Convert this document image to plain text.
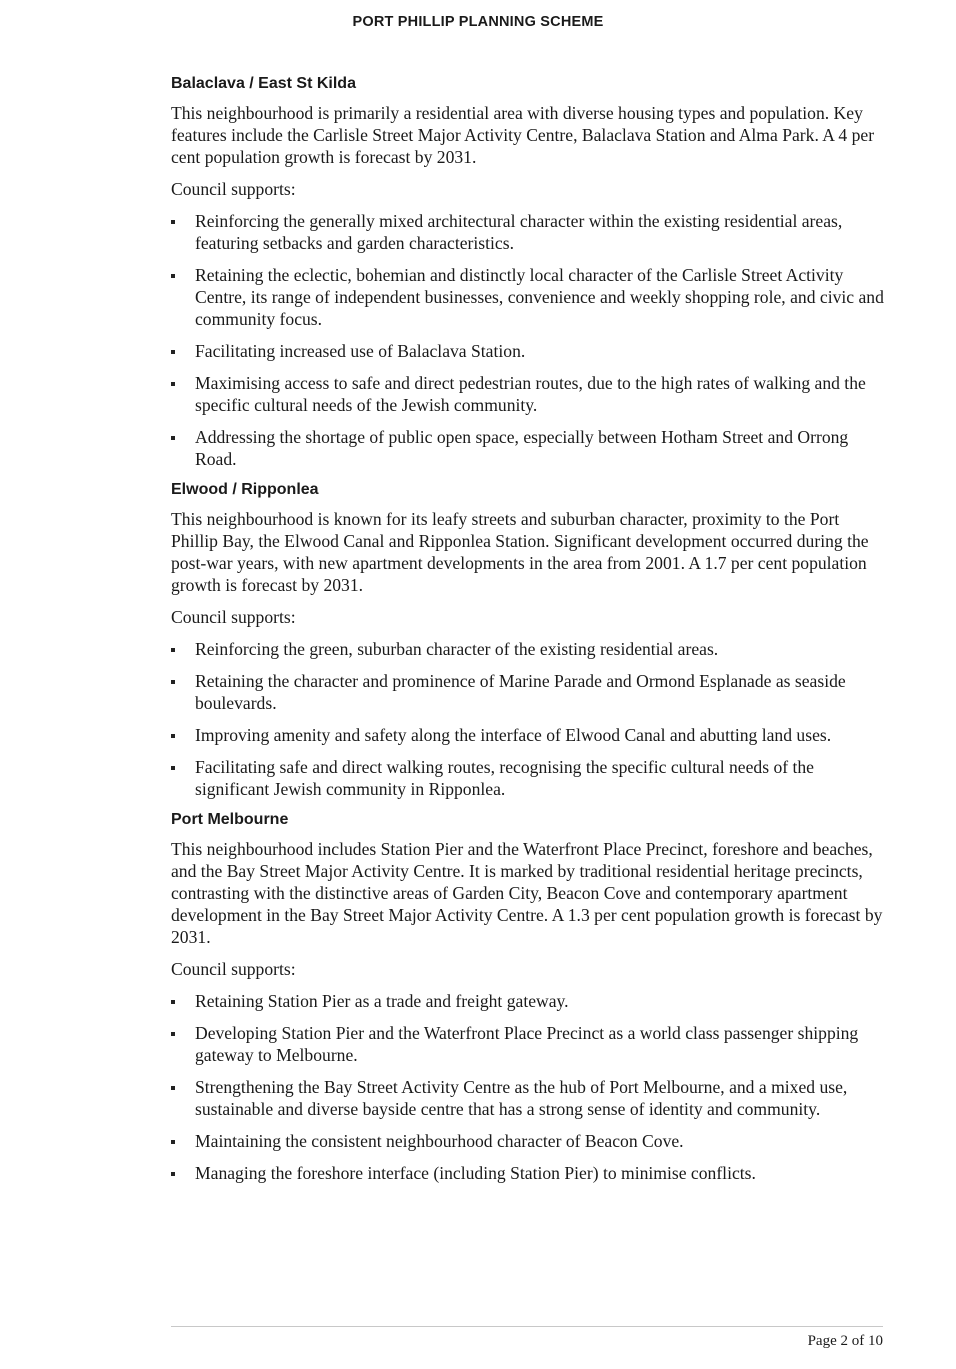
PORT PHILLIP PLANNING SCHEME
Balaclava / East St Kilda

This neighbourhood is primarily a residential area with diverse housing types and population. Key features include the Carlisle Street Major Activity Centre, Balaclava Station and Alma Park. A 4 per cent population growth is forecast by 2031.

Council supports:

Reinforcing the generally mixed architectural character within the existing residential areas, featuring setbacks and garden characteristics.
Retaining the eclectic, bohemian and distinctly local character of the Carlisle Street Activity Centre, its range of independent businesses, convenience and weekly shopping role, and civic and community focus.
Facilitating increased use of Balaclava Station.
Maximising access to safe and direct pedestrian routes, due to the high rates of walking and the specific cultural needs of the Jewish community.
Addressing the shortage of public open space, especially between Hotham Street and Orrong Road.
Elwood / Ripponlea

This neighbourhood is known for its leafy streets and suburban character, proximity to the Port Phillip Bay, the Elwood Canal and Ripponlea Station. Significant development occurred during the post-war years, with new apartment developments in the area from 2001. A 1.7 per cent population growth is forecast by 2031.

Council supports:

Reinforcing the green, suburban character of the existing residential areas.
Retaining the character and prominence of Marine Parade and Ormond Esplanade as seaside boulevards.
Improving amenity and safety along the interface of Elwood Canal and abutting land uses.
Facilitating safe and direct walking routes, recognising the specific cultural needs of the significant Jewish community in Ripponlea.
Port Melbourne

This neighbourhood includes Station Pier and the Waterfront Place Precinct, foreshore and beaches, and the Bay Street Major Activity Centre. It is marked by traditional residential heritage precincts, contrasting with the distinctive areas of Garden City, Beacon Cove and contemporary apartment development in the Bay Street Major Activity Centre. A 1.3 per cent population growth is forecast by 2031.

Council supports:

Retaining Station Pier as a trade and freight gateway.
Developing Station Pier and the Waterfront Place Precinct as a world class passenger shipping gateway to Melbourne.
Strengthening the Bay Street Activity Centre as the hub of Port Melbourne, and a mixed use, sustainable and diverse bayside centre that has a strong sense of identity and community.
Maintaining the consistent neighbourhood character of Beacon Cove.
Managing the foreshore interface (including Station Pier) to minimise conflicts.
Page 2 of 10
